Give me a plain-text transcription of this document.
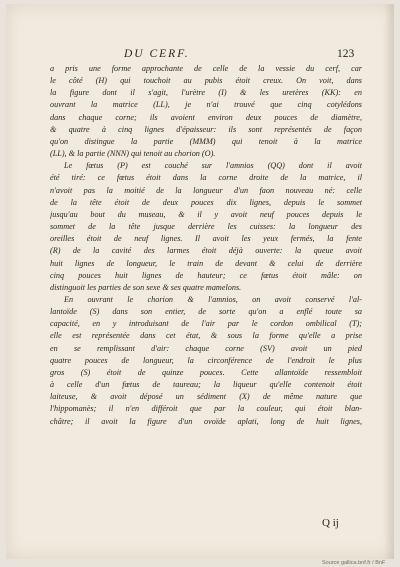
DU CERF.	123
a pris une forme approchante de celle de la vessie du cerf, car
le côté (H) qui touchoit au pubis étoit creux. On voit, dans
la figure dont il s'agit, l'urètre (I) & les uretères (KK): en
ouvrant la matrice (LL), je n'ai trouvé que cinq cotylédons
dans chaque corne; ils avoient environ deux pouces de diamètre,
& quatre à cinq lignes d'épaisseur: ils sont représentés de façon
qu'on distingue la partie (MMM) qui tenoit à la matrice
(LL), & la partie (NNN) qui tenoit au chorion (O).
Le fœtus (P) est couché sur l'amnios (QQ) dont il avoit
été tiré: ce fœtus étoit dans la corne droite de la matrice, il
n'avoit pas la moitié de la longueur d'un faon nouveau né: celle
de la tête étoit de deux pouces dix lignes, depuis le sommet
jusqu'au bout du museau, & il y avoit neuf pouces depuis le
sommet de la tête jusque derrière les cuisses: la longueur des
oreilles étoit de neuf lignes. Il avoit les yeux fermés, la fente
(R) de la cavité des larmes étoit déjà ouverte: la queue avoit
huit lignes de longueur, le train de devant & celui de derrière
cinq pouces huit lignes de hauteur; ce fœtus étoit mâle: on
distinguoit les parties de son sexe & ses quatre mamelons.
En ouvrant le chorion & l'amnios, on avoit conservé l'al-
lantoïde (S) dans son entier, de sorte qu'on a enflé toute sa
capacité, en y introduisant de l'air par le cordon ombilical (T);
elle est représentée dans cet état, & sous la forme qu'elle a prise
en se remplissant d'air: chaque corne (SV) avoit un pied
quatre pouces de longueur, la circonférence de l'endroit le plus
gros (S) étoit de quinze pouces. Cette allantoïde ressembloit
à celle d'un fœtus de taureau; la liqueur qu'elle contenoit étoit
laiteuse, & avoit déposé un sédiment (X) de même nature que
l'hippomanès; il n'en différoit que par la couleur, qui étoit blan-
châtre; il avoit la figure d'un ovoïde aplati, long de huit lignes,
Q ij
Source gallica.bnf.fr / BnF
